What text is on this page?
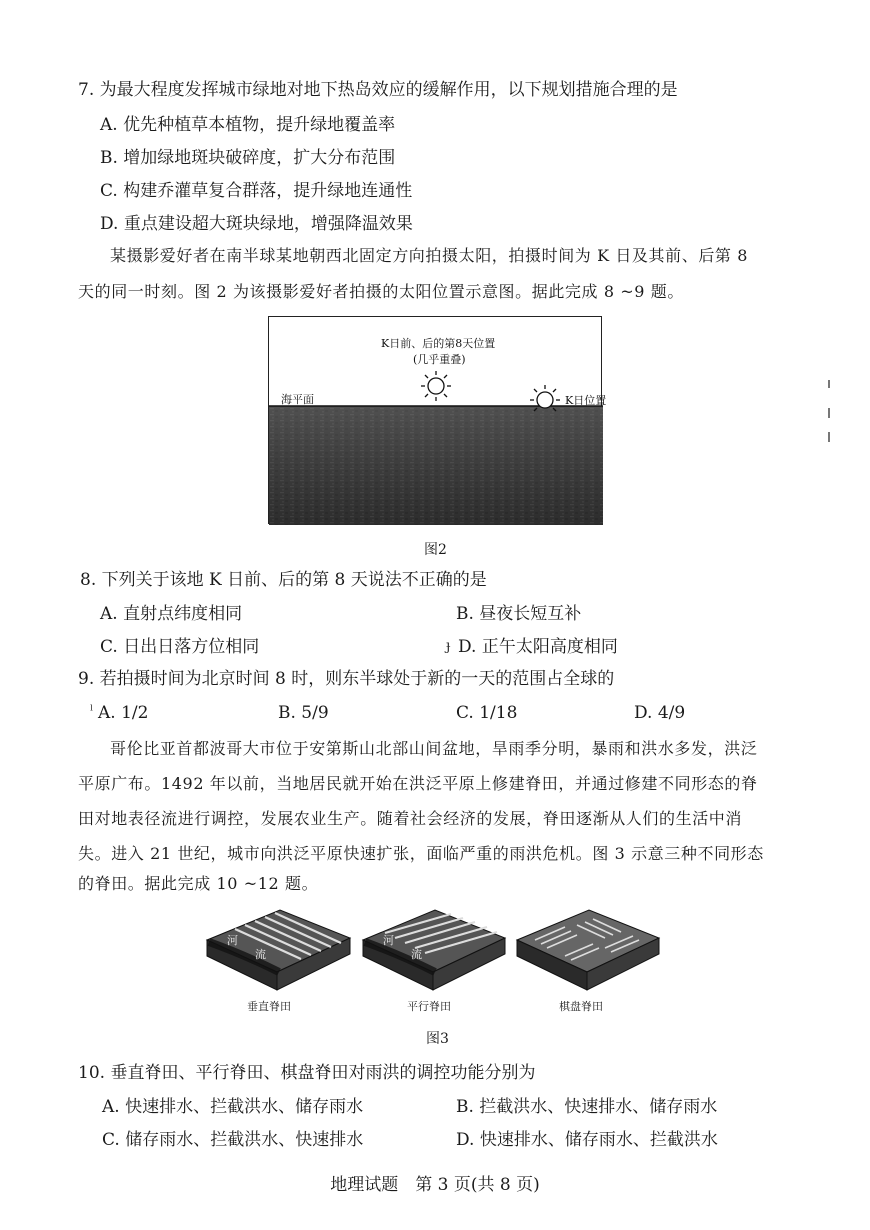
7. 为最大程度发挥城市绿地对地下热岛效应的缓解作用，以下规划措施合理的是
A. 优先种植草本植物，提升绿地覆盖率
B. 增加绿地斑块破碎度，扩大分布范围
C. 构建乔灌草复合群落，提升绿地连通性
D. 重点建设超大斑块绿地，增强降温效果
某摄影爱好者在南半球某地朝西北固定方向拍摄太阳，拍摄时间为 K 日及其前、后第 8
天的同一时刻。图 2 为该摄影爱好者拍摄的太阳位置示意图。据此完成 8 ~9 题。
K日前、后的第8天位置
(几乎重叠)
海平面	K日位置
图2
8. 下列关于该地 K 日前、后的第 8 天说法不正确的是
A. 直射点纬度相同	B. 昼夜长短互补
C. 日出日落方位相同	ɟ D. 正午太阳高度相同
9. 若拍摄时间为北京时间 8 时，则东半球处于新的一天的范围占全球的
ˡ A. 1/2	B. 5/9	C. 1/18	D. 4/9
哥伦比亚首都波哥大市位于安第斯山北部山间盆地，旱雨季分明，暴雨和洪水多发，洪泛
平原广布。1492 年以前，当地居民就开始在洪泛平原上修建脊田，并通过修建不同形态的脊
田对地表径流进行调控，发展农业生产。随着社会经济的发展，脊田逐渐从人们的生活中消
失。进入 21 世纪，城市向洪泛平原快速扩张，面临严重的雨洪危机。图 3 示意三种不同形态
的脊田。据此完成 10 ~12 题。
河
流
河
流
垂直脊田	平行脊田	棋盘脊田
图3
10. 垂直脊田、平行脊田、棋盘脊田对雨洪的调控功能分别为
A. 快速排水、拦截洪水、储存雨水	B. 拦截洪水、快速排水、储存雨水
C. 储存雨水、拦截洪水、快速排水	D. 快速排水、储存雨水、拦截洪水
地理试题　第 3 页(共 8 页)
